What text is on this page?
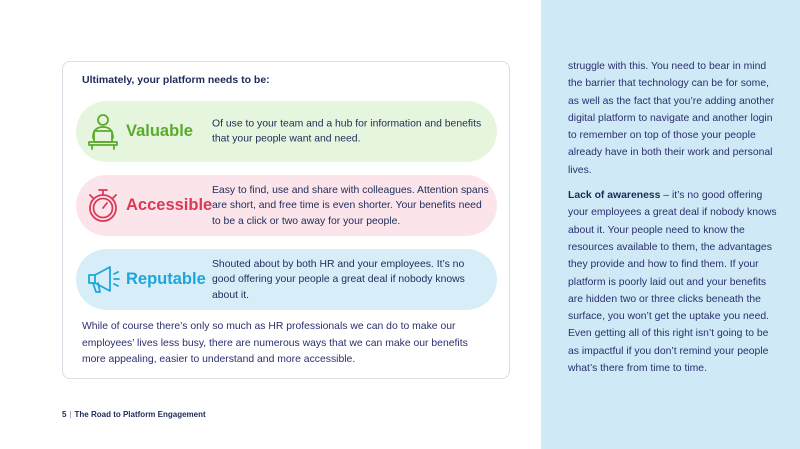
struggle with this. You need to bear in mind the barrier that technology can be for some, as well as the fact that you’re adding another digital platform to navigate and another login to remember on top of those your people already have in both their work and personal lives.

Lack of awareness – it’s no good offering your employees a great deal if nobody knows about it. Your people need to know the resources available to them, the advantages they provide and how to find them. If your platform is poorly laid out and your benefits are hidden two or three clicks beneath the surface, you won’t get the uptake you need. Even getting all of this right isn’t going to be as impactful if you don’t remind your people what’s there from time to time.

Ultimately, your platform needs to be:
Valuable Of use to your team and a hub for information and benefits that your people want and need.
Accessible
Easy to find, use and share with colleagues. Attention spans are short, and free time is even shorter. Your benefits need to be a click or two away for your people.
Reputable
Shouted about by both HR and your employees. It’s no good offering your people a great deal if nobody knows about it.
While of course there’s only so much as HR professionals we can do to make our employees’ lives less busy, there are numerous ways that we can make our benefits more appealing, easier to understand and more accessible.
5 | The Road to Platform Engagement
